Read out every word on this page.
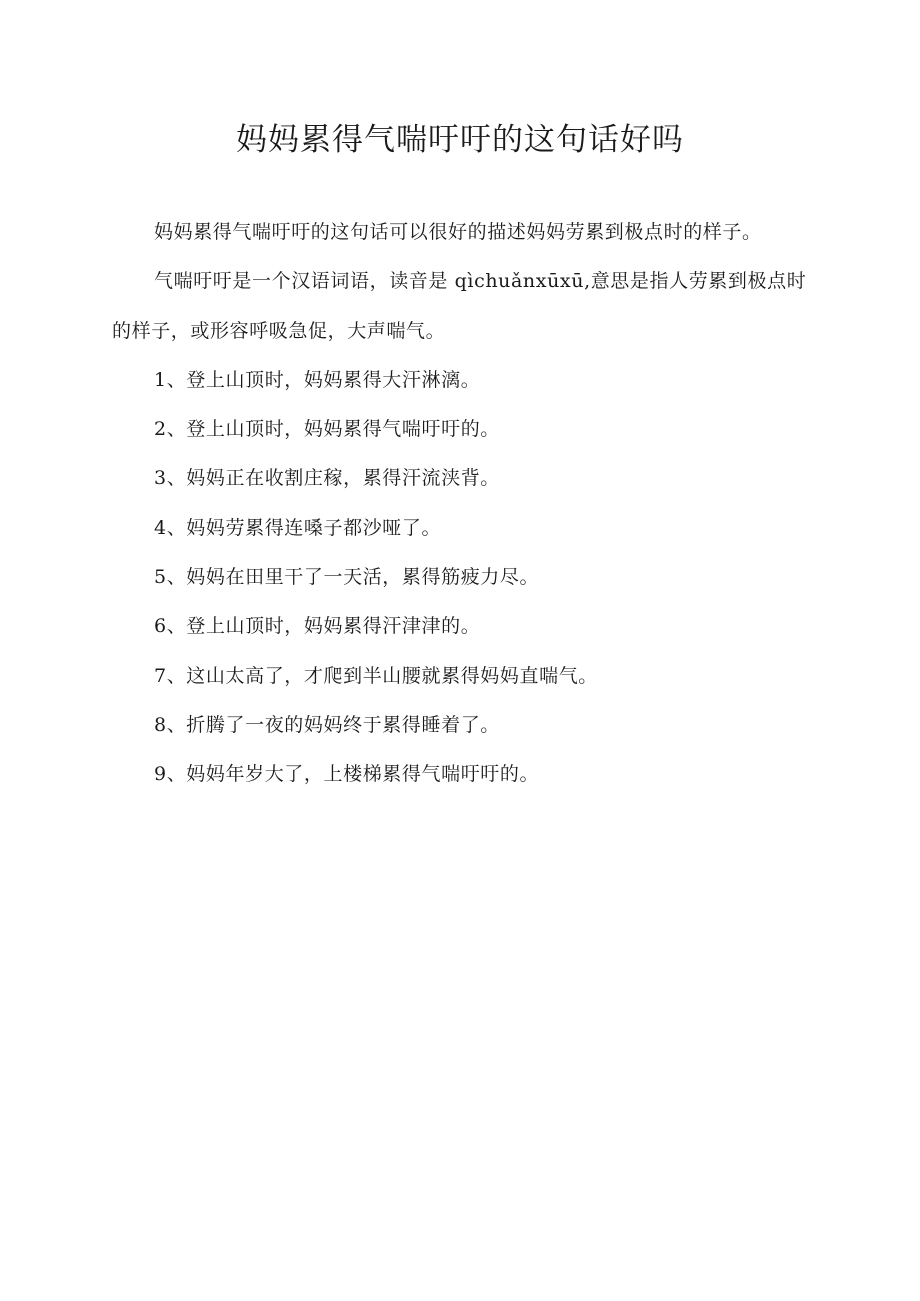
妈妈累得气喘吁吁的这句话好吗

妈妈累得气喘吁吁的这句话可以很好的描述妈妈劳累到极点时的样子。

气喘吁吁是一个汉语词语，读音是 qìchuǎnxūxū,意思是指人劳累到极点时的样子，或形容呼吸急促，大声喘气。

1、登上山顶时，妈妈累得大汗淋漓。
2、登上山顶时，妈妈累得气喘吁吁的。
3、妈妈正在收割庄稼，累得汗流浃背。
4、妈妈劳累得连嗓子都沙哑了。
5、妈妈在田里干了一天活，累得筋疲力尽。
6、登上山顶时，妈妈累得汗津津的。
7、这山太高了，才爬到半山腰就累得妈妈直喘气。
8、折腾了一夜的妈妈终于累得睡着了。
9、妈妈年岁大了，上楼梯累得气喘吁吁的。
